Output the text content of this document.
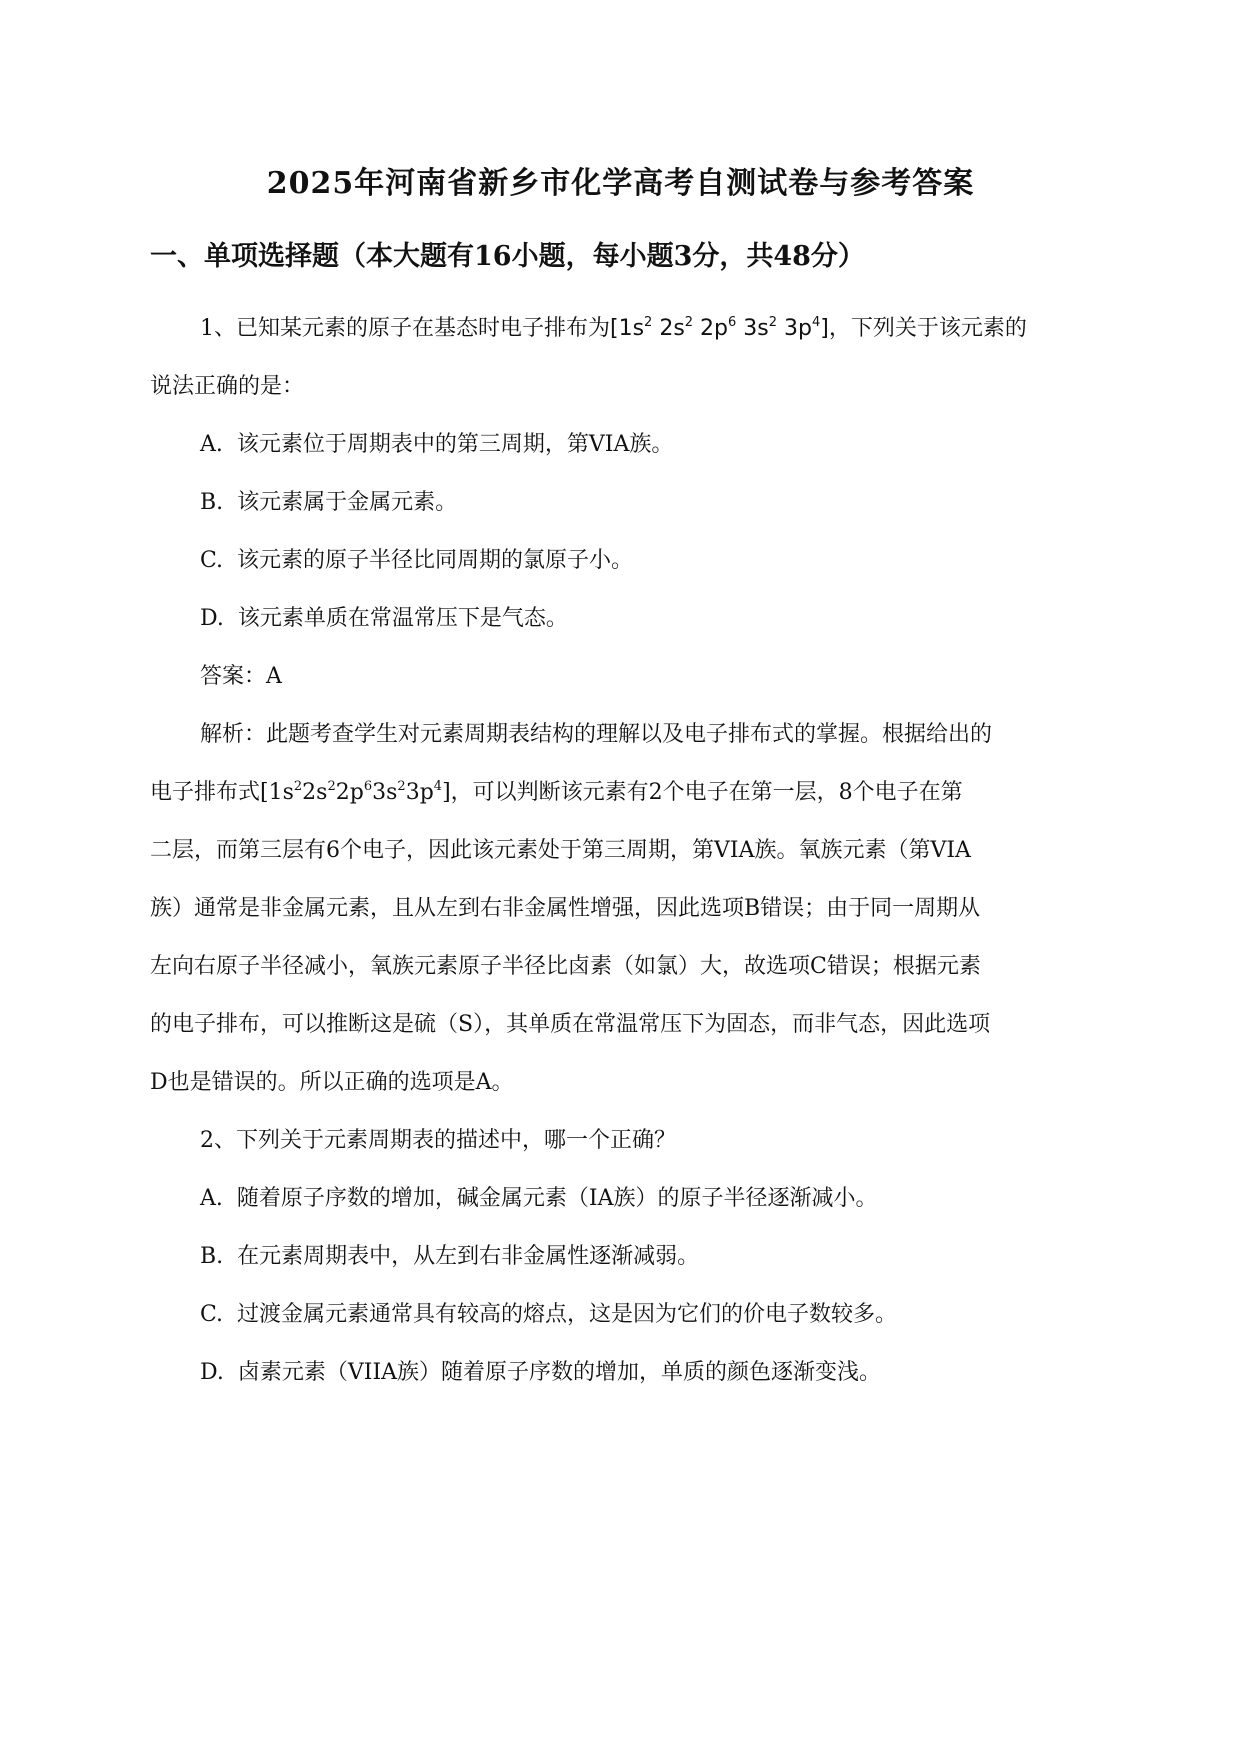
2025年河南省新乡市化学高考自测试卷与参考答案
一、单项选择题（本大题有16小题，每小题3分，共48分）
1、已知某元素的原子在基态时电子排布为[$1s^2$ $2s^2$ $2p^6$ $3s^2$ $3p^4$]，下列关于该元素的
说法正确的是：
A. 该元素位于周期表中的第三周期，第VIA族。
B. 该元素属于金属元素。
C. 该元素的原子半径比同周期的氯原子小。
D. 该元素单质在常温常压下是气态。
答案：A
解析：此题考查学生对元素周期表结构的理解以及电子排布式的掌握。根据给出的
电子排布式$[1s^22s^22p^63s^23p^4]$，可以判断该元素有2个电子在第一层，8个电子在第
二层，而第三层有6个电子，因此该元素处于第三周期，第VIA族。氧族元素（第VIA
族）通常是非金属元素，且从左到右非金属性增强，因此选项B错误；由于同一周期从
左向右原子半径减小，氧族元素原子半径比卤素（如氯）大，故选项C错误；根据元素
的电子排布，可以推断这是硫（S），其单质在常温常压下为固态，而非气态，因此选项
D也是错误的。所以正确的选项是A。
2、下列关于元素周期表的描述中，哪一个正确？
A. 随着原子序数的增加，碱金属元素（IA族）的原子半径逐渐减小。
B. 在元素周期表中，从左到右非金属性逐渐减弱。
C. 过渡金属元素通常具有较高的熔点，这是因为它们的价电子数较多。
D. 卤素元素（VIIA族）随着原子序数的增加，单质的颜色逐渐变浅。
